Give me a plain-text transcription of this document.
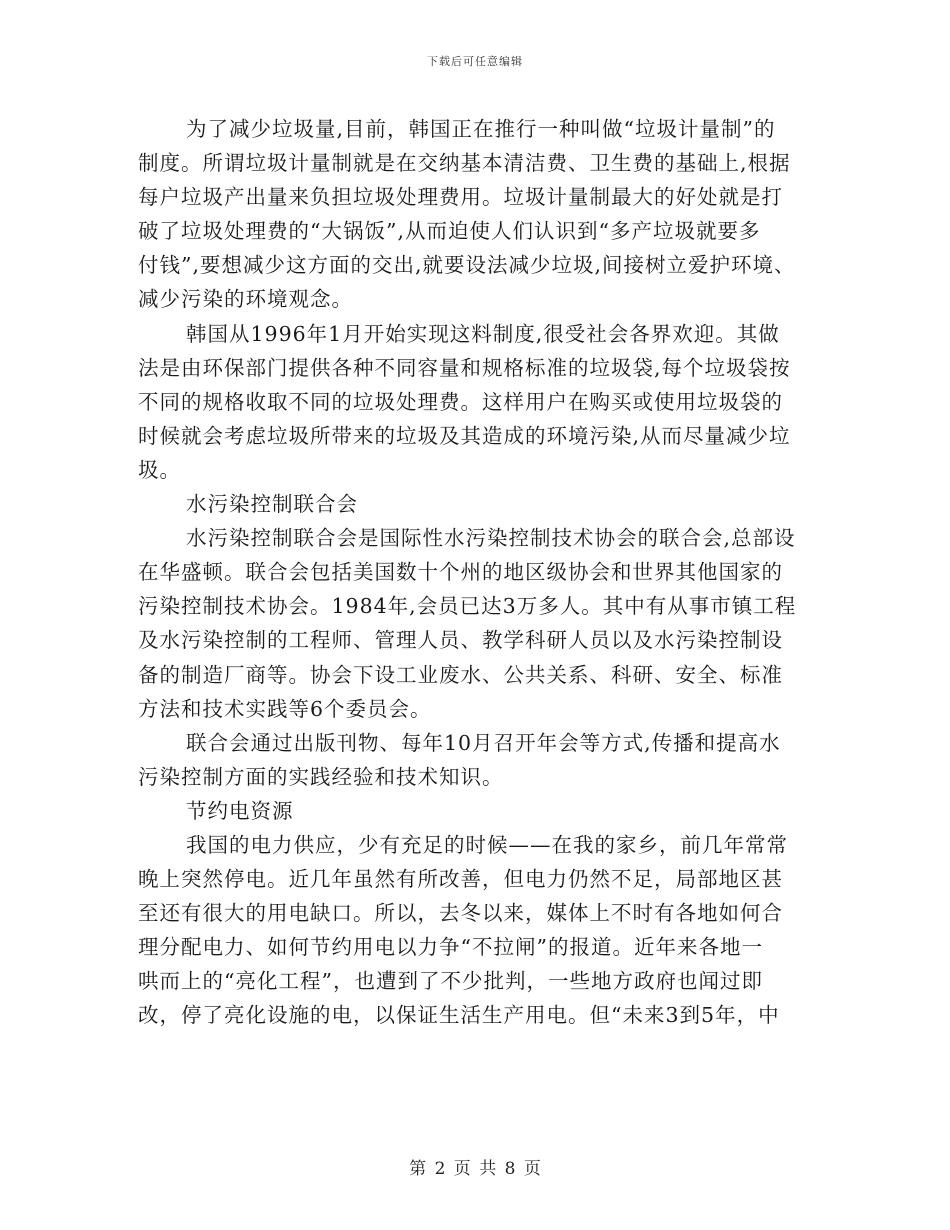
下载后可任意编辑
为了减少垃圾量,目前，韩国正在推行一种叫做“垃圾计量制”的
制度。所谓垃圾计量制就是在交纳基本清洁费、卫生费的基础上,根据
每户垃圾产出量来负担垃圾处理费用。垃圾计量制最大的好处就是打
破了垃圾处理费的“大锅饭”,从而迫使人们认识到“多产垃圾就要多
付钱”,要想减少这方面的交出,就要设法减少垃圾,间接树立爱护环境、
减少污染的环境观念。
韩国从1996年1月开始实现这料制度,很受社会各界欢迎。其做
法是由环保部门提供各种不同容量和规格标准的垃圾袋,每个垃圾袋按
不同的规格收取不同的垃圾处理费。这样用户在购买或使用垃圾袋的
时候就会考虑垃圾所带来的垃圾及其造成的环境污染,从而尽量减少垃
圾。
水污染控制联合会
水污染控制联合会是国际性水污染控制技术协会的联合会,总部设
在华盛顿。联合会包括美国数十个州的地区级协会和世界其他国家的
污染控制技术协会。1984年,会员已达3万多人。其中有从事市镇工程
及水污染控制的工程师、管理人员、教学科研人员以及水污染控制设
备的制造厂商等。协会下设工业废水、公共关系、科研、安全、标准
方法和技术实践等6个委员会。
联合会通过出版刊物、每年10月召开年会等方式,传播和提高水
污染控制方面的实践经验和技术知识。
节约电资源
我国的电力供应，少有充足的时候——在我的家乡，前几年常常
晚上突然停电。近几年虽然有所改善，但电力仍然不足，局部地区甚
至还有很大的用电缺口。所以，去冬以来，媒体上不时有各地如何合
理分配电力、如何节约用电以力争“不拉闸”的报道。近年来各地一
哄而上的“亮化工程”，也遭到了不少批判，一些地方政府也闻过即
改，停了亮化设施的电，以保证生活生产用电。但“未来3到5年，中
第 2 页 共 8 页
